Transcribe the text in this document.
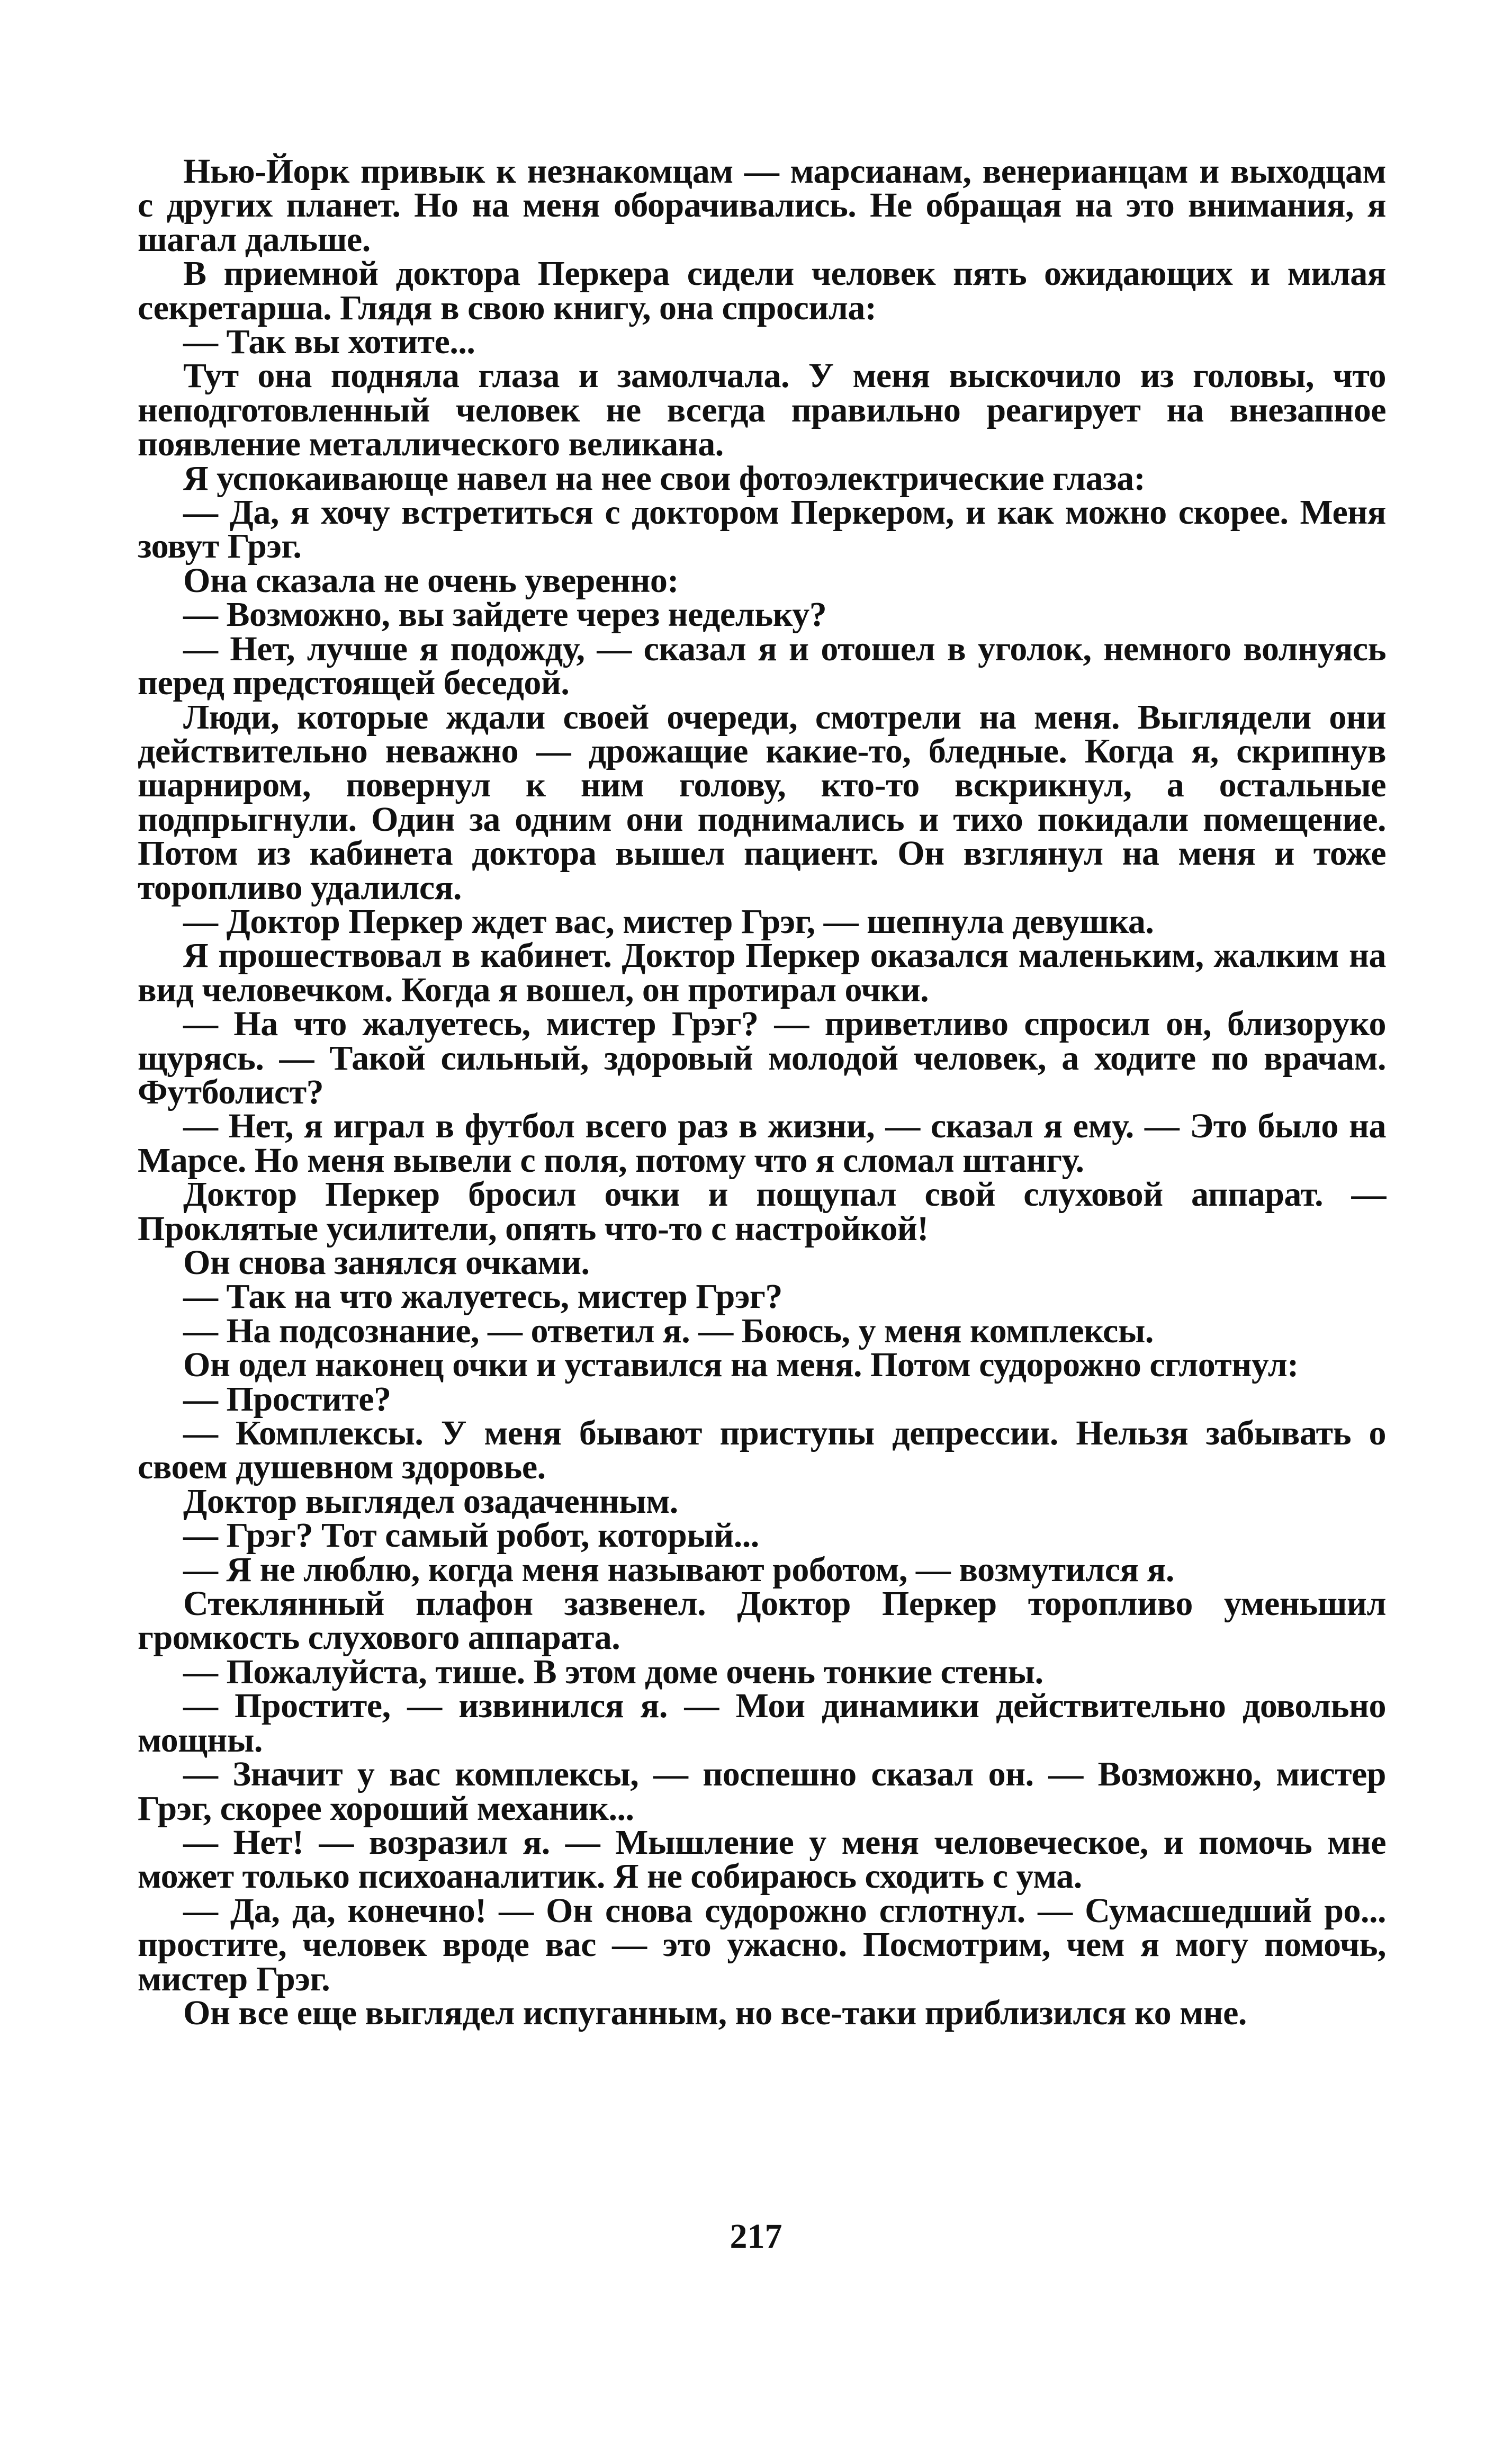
Нью-Йорк привык к незнакомцам — марсианам, венерианцам и выходцам с других планет. Но на меня оборачивались. Не обращая на это внимания, я шагал дальше.

В приемной доктора Перкера сидели человек пять ожидающих и милая секретарша. Глядя в свою книгу, она спросила:

— Так вы хотите...

Тут она подняла глаза и замолчала. У меня выскочило из головы, что неподготовленный человек не всегда правильно реагирует на внезапное появление металлического великана.

Я успокаивающе навел на нее свои фотоэлектрические глаза:

— Да, я хочу встретиться с доктором Перкером, и как можно скорее. Меня зовут Грэг.

Она сказала не очень уверенно:

— Возможно, вы зайдете через недельку?

— Нет, лучше я подожду, — сказал я и отошел в уголок, немного волнуясь перед предстоящей беседой.

Люди, которые ждали своей очереди, смотрели на меня. Выглядели они действительно неважно — дрожащие какие-то, бледные. Когда я, скрипнув шарниром, повернул к ним голову, кто-то вскрикнул, а остальные подпрыгнули. Один за одним они поднимались и тихо покидали помещение. Потом из кабинета доктора вышел пациент. Он взглянул на меня и тоже торопливо удалился.

— Доктор Перкер ждет вас, мистер Грэг, — шепнула девушка.

Я прошествовал в кабинет. Доктор Перкер оказался маленьким, жалким на вид человечком. Когда я вошел, он протирал очки.

— На что жалуетесь, мистер Грэг? — приветливо спросил он, близоруко щурясь. — Такой сильный, здоровый молодой человек, а ходите по врачам. Футболист?

— Нет, я играл в футбол всего раз в жизни, — сказал я ему. — Это было на Марсе. Но меня вывели с поля, потому что я сломал штангу.

Доктор Перкер бросил очки и пощупал свой слуховой аппарат. — Проклятые усилители, опять что-то с настройкой!

Он снова занялся очками.

— Так на что жалуетесь, мистер Грэг?

— На подсознание, — ответил я. — Боюсь, у меня комплексы.

Он одел наконец очки и уставился на меня. Потом судорожно сглотнул:

— Простите?

— Комплексы. У меня бывают приступы депрессии. Нельзя забывать о своем душевном здоровье.

Доктор выглядел озадаченным.

— Грэг? Тот самый робот, который...

— Я не люблю, когда меня называют роботом, — возмутился я.

Стеклянный плафон зазвенел. Доктор Перкер торопливо уменьшил громкость слухового аппарата.

— Пожалуйста, тише. В этом доме очень тонкие стены.

— Простите, — извинился я. — Мои динамики действительно довольно мощны.

— Значит у вас комплексы, — поспешно сказал он. — Возможно, мистер Грэг, скорее хороший механик...

— Нет! — возразил я. — Мышление у меня человеческое, и помочь мне может только психоаналитик. Я не собираюсь сходить с ума.

— Да, да, конечно! — Он снова судорожно сглотнул. — Сумасшедший ро... простите, человек вроде вас — это ужасно. Посмотрим, чем я могу помочь, мистер Грэг.

Он все еще выглядел испуганным, но все-таки приблизился ко мне.

217
